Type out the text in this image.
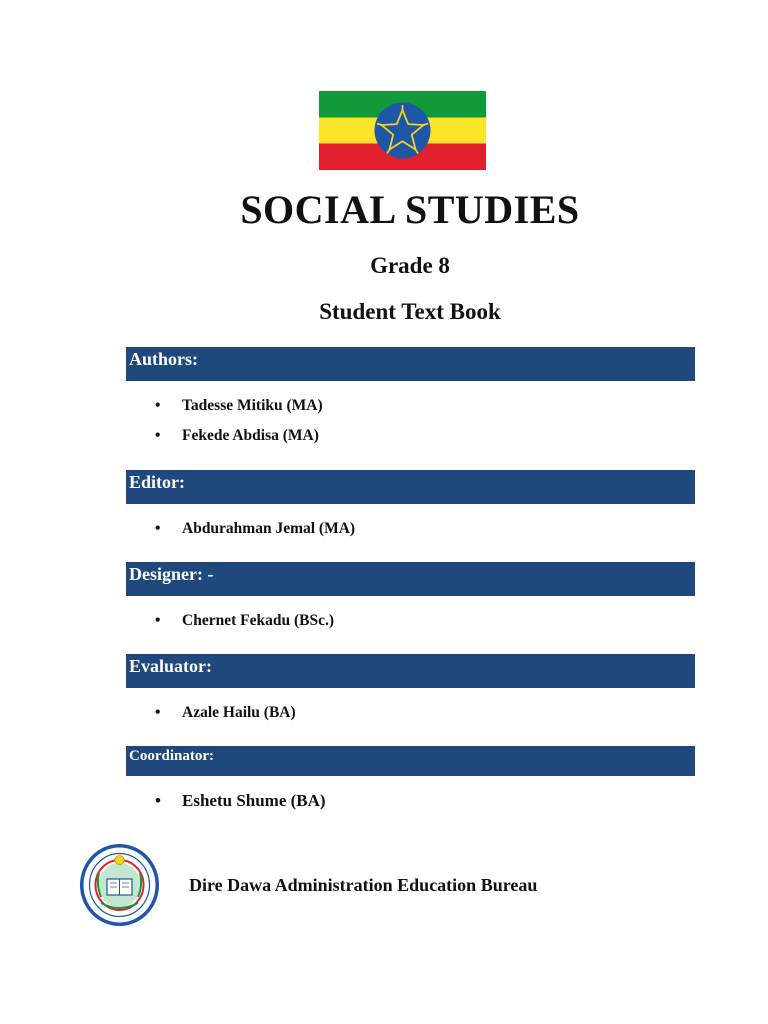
SOCIAL STUDIES
Grade 8
Student Text Book
Authors:
• Tadesse Mitiku (MA)
• Fekede Abdisa (MA)
Editor:
• Abdurahman Jemal (MA)
Designer: -
• Chernet Fekadu (BSc.)
Evaluator:
• Azale Hailu (BA)
Coordinator:
• Eshetu Shume (BA)
Dire Dawa Administration Education Bureau
